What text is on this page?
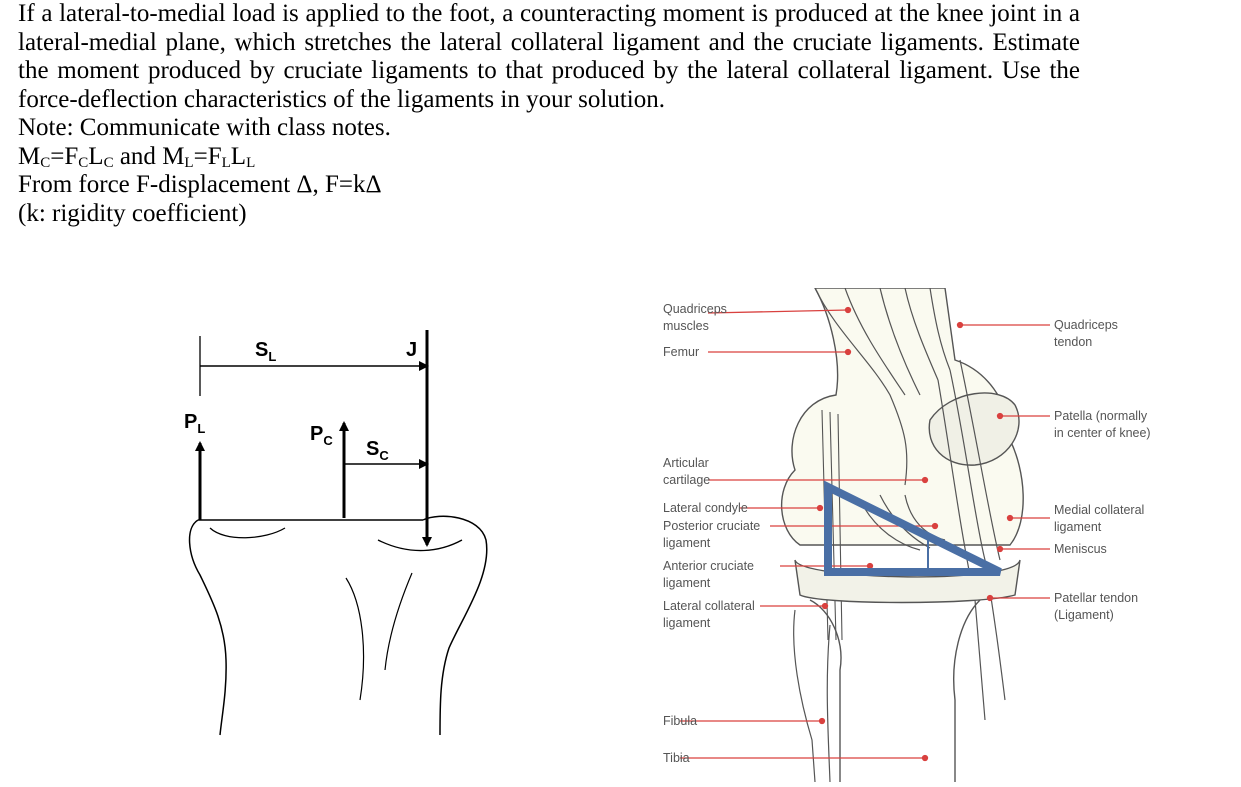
If a lateral-to-medial load is applied to the foot, a counteracting moment is produced at the knee joint in a lateral-medial plane, which stretches the lateral collateral ligament and the cruciate ligaments. Estimate the moment produced by cruciate ligaments to that produced by the lateral collateral ligament. Use the force-deflection characteristics of the ligaments in your solution.

Note: Communicate with class notes.

$M_C=F_CL_C$ and $M_L=F_LL_L$

From force F-displacement Δ, F=kΔ

(k: rigidity coefficient)

$S_L$	J
$P_L$	$P_C$ $S_C$
Quadriceps
muscles
Femur
Articular
cartilage
Lateral condyle
Posterior cruciate
ligament
Anterior cruciate
ligament
Lateral collateral
ligament
Fibula
Tibia
Quadriceps
tendon
Patella (normally
in center of knee)
Medial collateral
ligament
Meniscus
Patellar tendon
(Ligament)
